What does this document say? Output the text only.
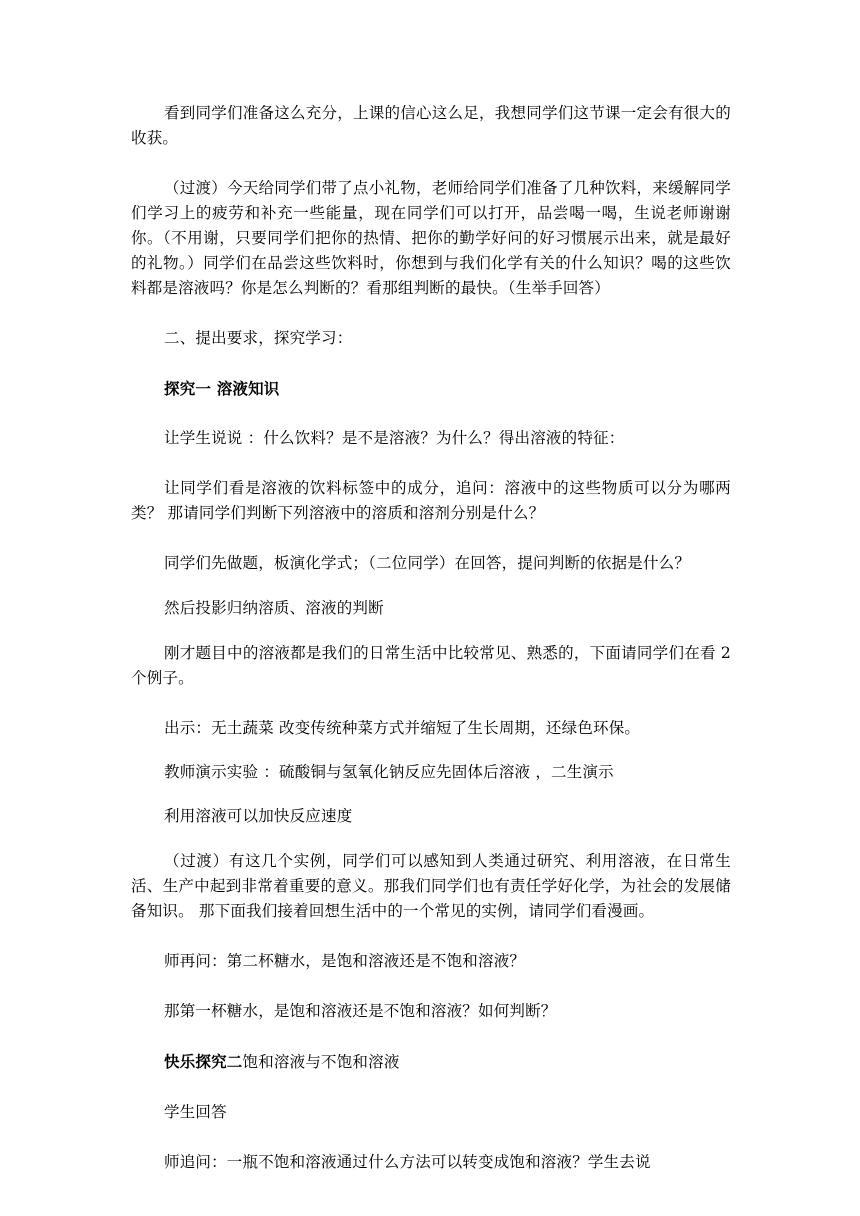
看到同学们准备这么充分，上课的信心这么足，我想同学们这节课一定会有很大的收获。

（过渡）今天给同学们带了点小礼物，老师给同学们准备了几种饮料，来缓解同学们学习上的疲劳和补充一些能量，现在同学们可以打开，品尝喝一喝，生说老师谢谢你。（不用谢，只要同学们把你的热情、把你的勤学好问的好习惯展示出来，就是最好的礼物。）同学们在品尝这些饮料时，你想到与我们化学有关的什么知识？喝的这些饮料都是溶液吗？你是怎么判断的？看那组判断的最快。（生举手回答）

二、提出要求，探究学习：

探究一 溶液知识

让学生说说 ：什么饮料？是不是溶液？为什么？得出溶液的特征：

让同学们看是溶液的饮料标签中的成分，追问：溶液中的这些物质可以分为哪两类？ 那请同学们判断下列溶液中的溶质和溶剂分别是什么？

同学们先做题，板演化学式；（二位同学）在回答，提问判断的依据是什么？

然后投影归纳溶质、溶液的判断

刚才题目中的溶液都是我们的日常生活中比较常见、熟悉的，下面请同学们在看 2 个例子。

出示：无土蔬菜 改变传统种菜方式并缩短了生长周期，还绿色环保。

教师演示实验 ：硫酸铜与氢氧化钠反应先固体后溶液 ，二生演示

利用溶液可以加快反应速度

（过渡）有这几个实例，同学们可以感知到人类通过研究、利用溶液，在日常生活、生产中起到非常着重要的意义。那我们同学们也有责任学好化学，为社会的发展储备知识。 那下面我们接着回想生活中的一个常见的实例，请同学们看漫画。

师再问：第二杯糖水，是饱和溶液还是不饱和溶液？

那第一杯糖水，是饱和溶液还是不饱和溶液？如何判断？

快乐探究二饱和溶液与不饱和溶液

学生回答

师追问：一瓶不饱和溶液通过什么方法可以转变成饱和溶液？学生去说
